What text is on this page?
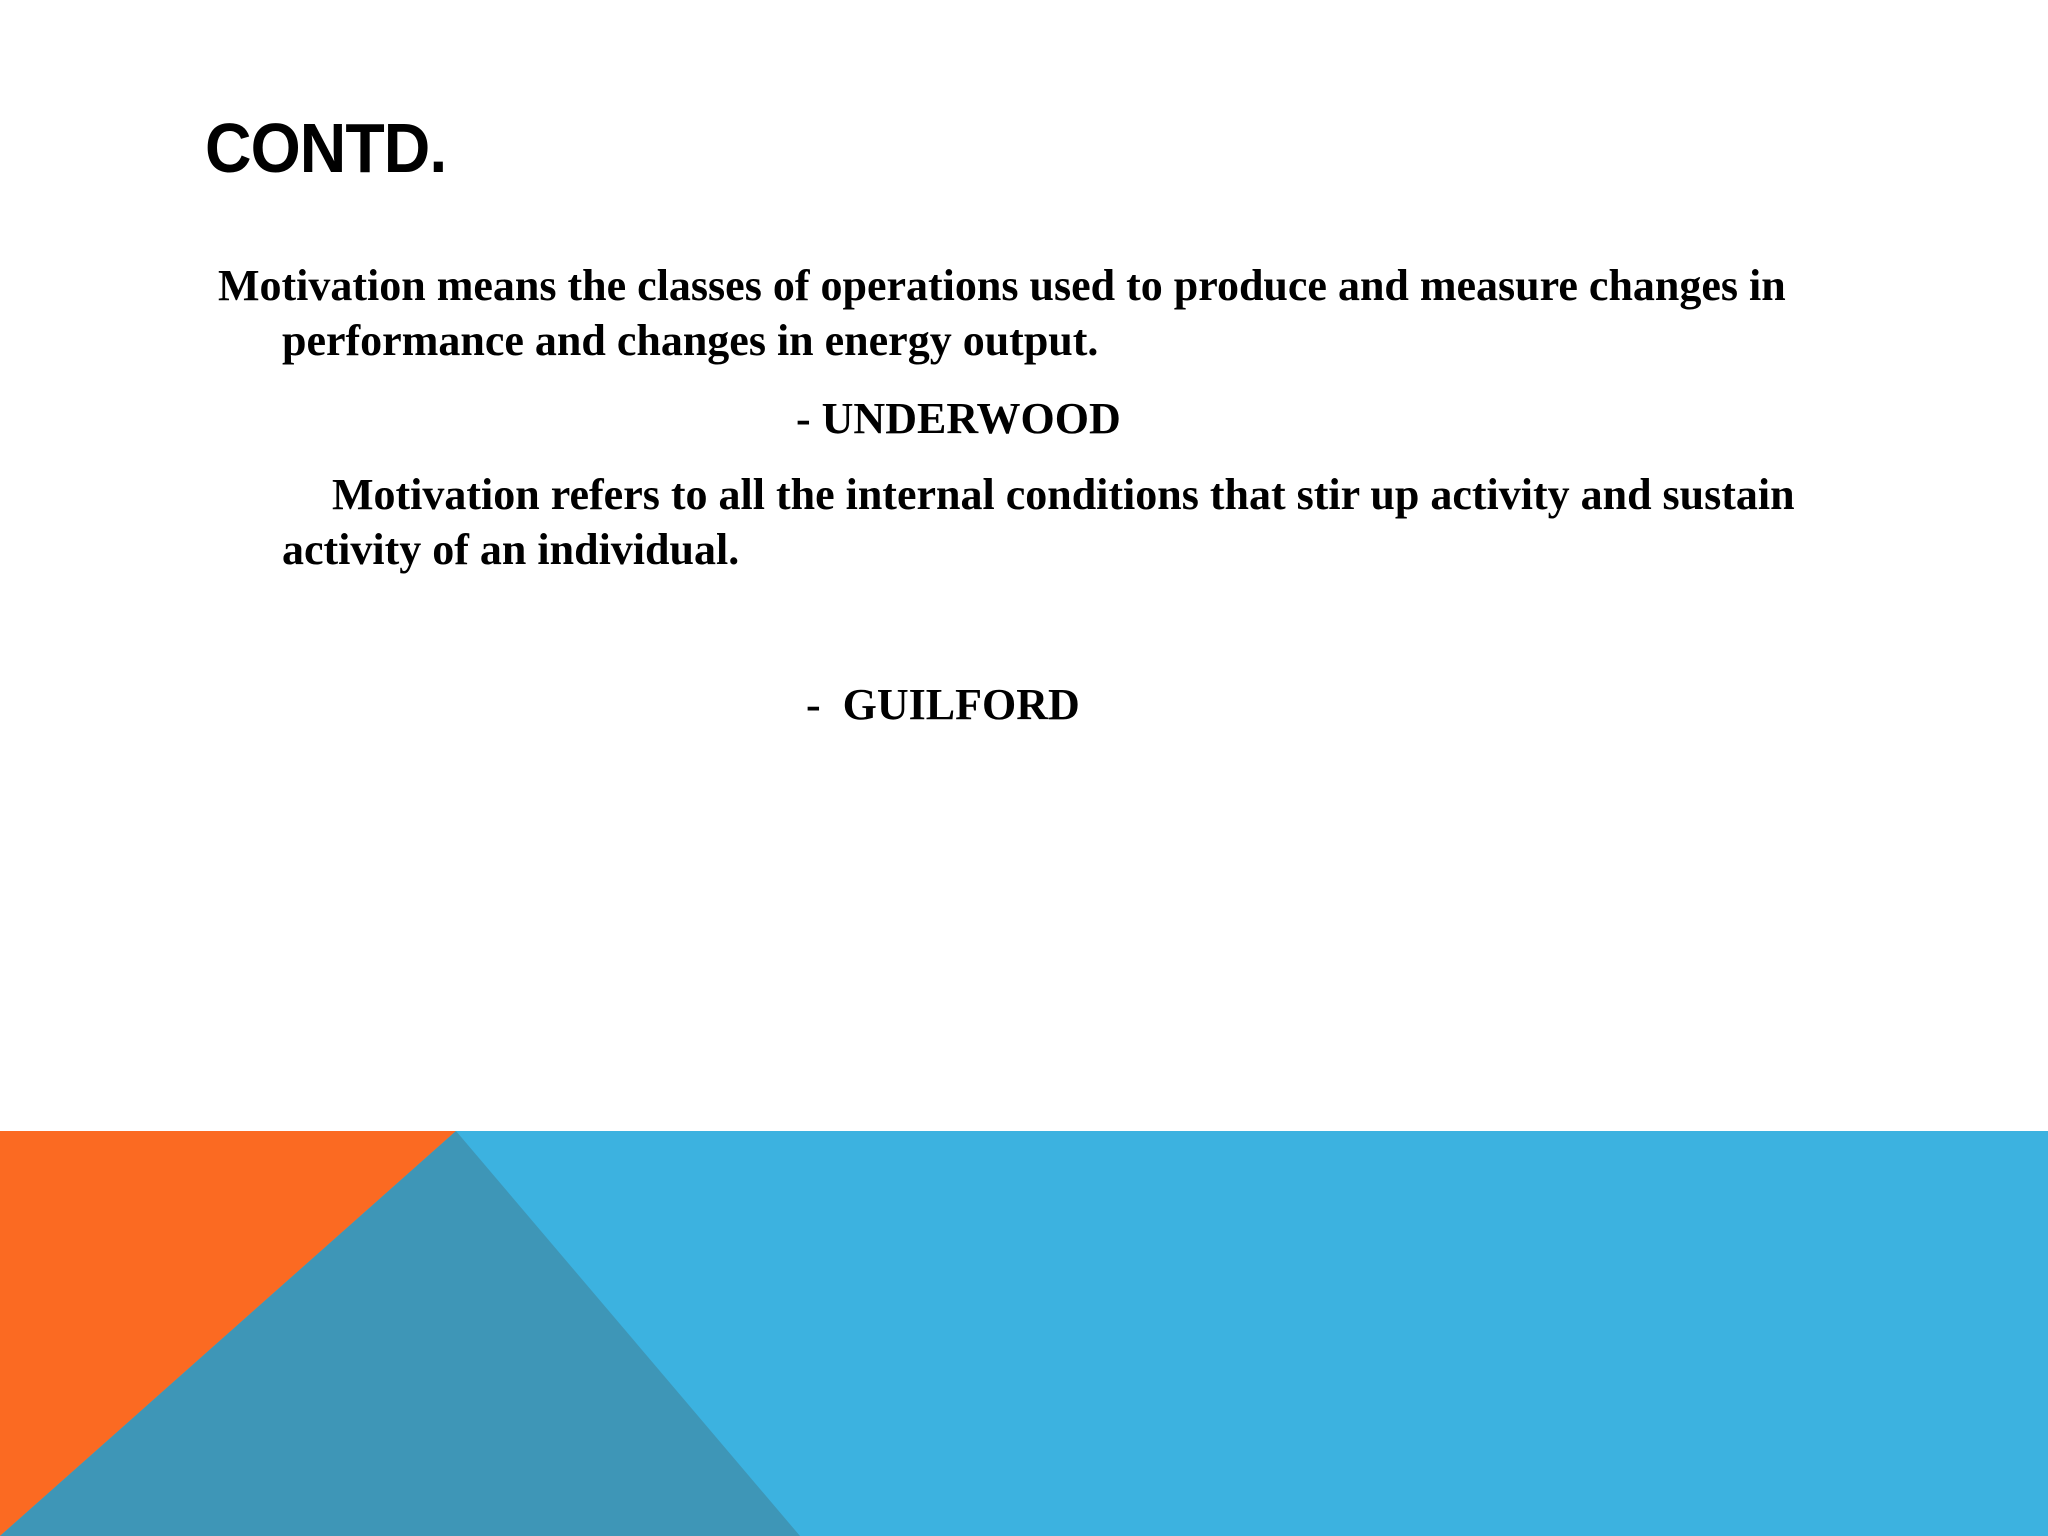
CONTD.

Motivation means the classes of operations used to produce and measure changes in

performance and changes in energy output.

- UNDERWOOD

Motivation refers to all the internal conditions that stir up activity and sustain

activity of an individual.

-  GUILFORD
